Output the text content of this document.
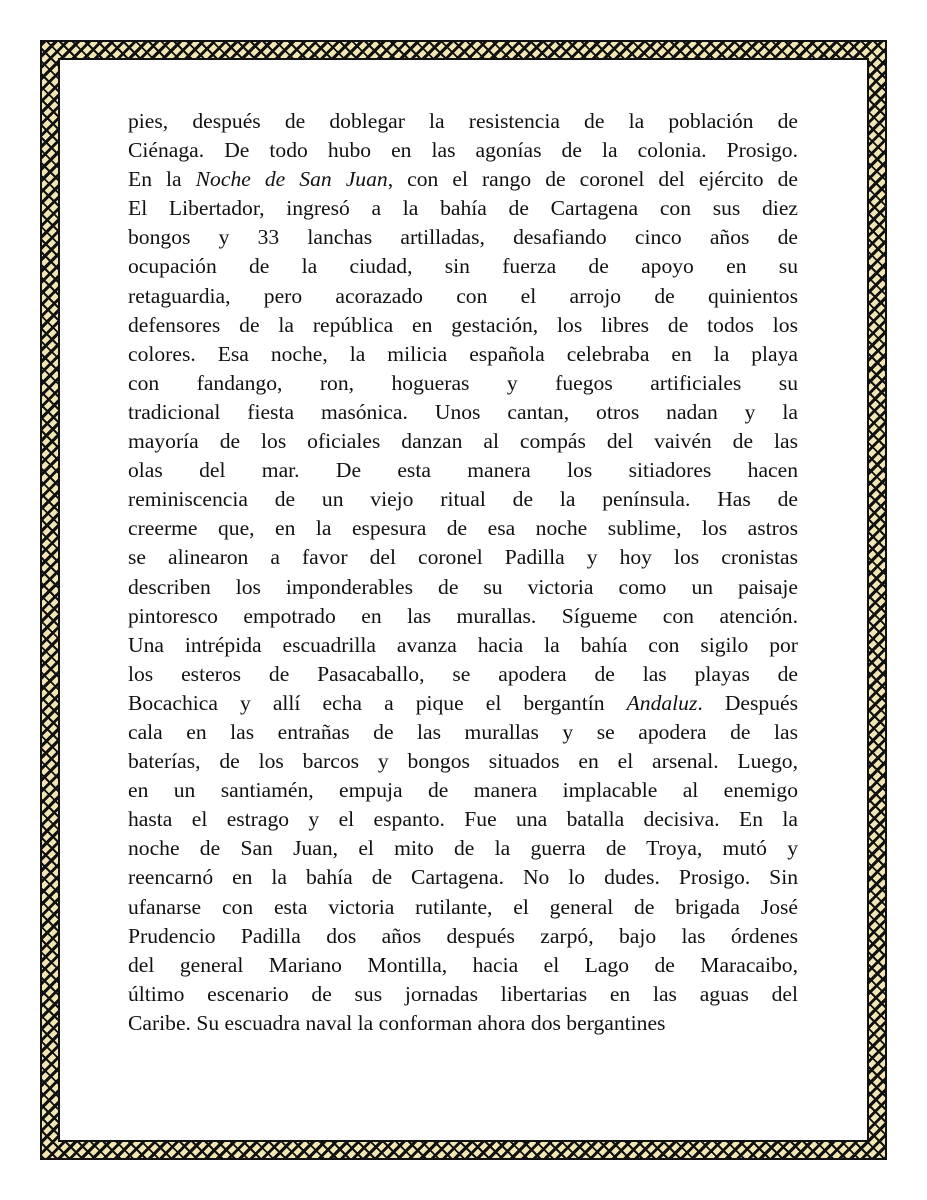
pies, después de doblegar la resistencia de la población de
Ciénaga. De todo hubo en las agonías de la colonia. Prosigo.
En la Noche de San Juan, con el rango de coronel del ejército de
El Libertador, ingresó a la bahía de Cartagena con sus diez
bongos y 33 lanchas artilladas, desafiando cinco años de
ocupación de la ciudad, sin fuerza de apoyo en su
retaguardia, pero acorazado con el arrojo de quinientos
defensores de la república en gestación, los libres de todos los
colores. Esa noche, la milicia española celebraba en la playa
con fandango, ron, hogueras y fuegos artificiales su
tradicional fiesta masónica. Unos cantan, otros nadan y la
mayoría de los oficiales danzan al compás del vaivén de las
olas del mar. De esta manera los sitiadores hacen
reminiscencia de un viejo ritual de la península. Has de
creerme que, en la espesura de esa noche sublime, los astros
se alinearon a favor del coronel Padilla y hoy los cronistas
describen los imponderables de su victoria como un paisaje
pintoresco empotrado en las murallas. Sígueme con atención.
Una intrépida escuadrilla avanza hacia la bahía con sigilo por
los esteros de Pasacaballo, se apodera de las playas de
Bocachica y allí echa a pique el bergantín Andaluz. Después
cala en las entrañas de las murallas y se apodera de las
baterías, de los barcos y bongos situados en el arsenal. Luego,
en un santiamén, empuja de manera implacable al enemigo
hasta el estrago y el espanto. Fue una batalla decisiva. En la
noche de San Juan, el mito de la guerra de Troya, mutó y
reencarnó en la bahía de Cartagena. No lo dudes. Prosigo. Sin
ufanarse con esta victoria rutilante, el general de brigada José
Prudencio Padilla dos años después zarpó, bajo las órdenes
del general Mariano Montilla, hacia el Lago de Maracaibo,
último escenario de sus jornadas libertarias en las aguas del
Caribe. Su escuadra naval la conforman ahora dos bergantines
